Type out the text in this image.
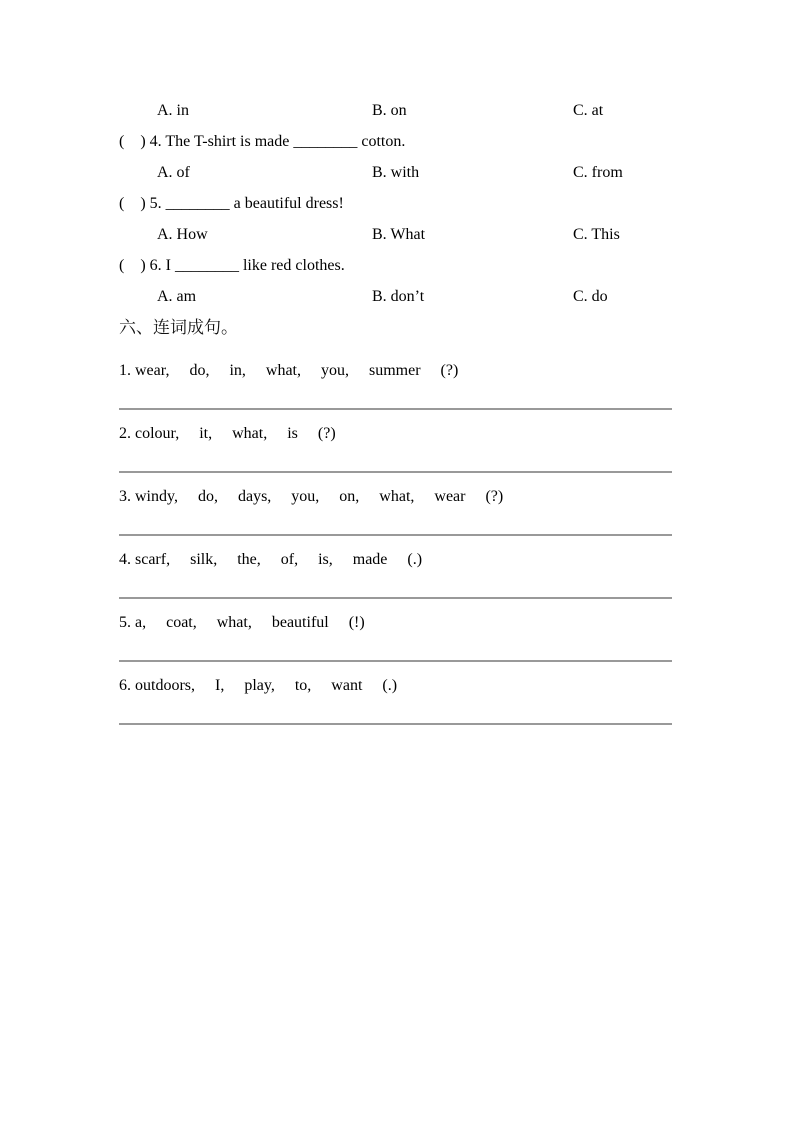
A. in

	B. on

	C. at

(    ) 4. The T-shirt is made ________ cotton.

A. of

	B. with

	C. from

(    ) 5. ________ a beautiful dress!

A. How

	B. What

	C. This

(    ) 6. I ________ like red clothes.

A. am

	B. don’t

	C. do

六、连词成句。
1. wear,     do,     in,     what,     you,     summer     (?)
2. colour,     it,     what,     is     (?)
3. windy,     do,     days,     you,     on,     what,     wear     (?)
4. scarf,     silk,     the,     of,     is,     made     (.)
5. a,     coat,     what,     beautiful     (!)
6. outdoors,     I,     play,     to,     want     (.)
